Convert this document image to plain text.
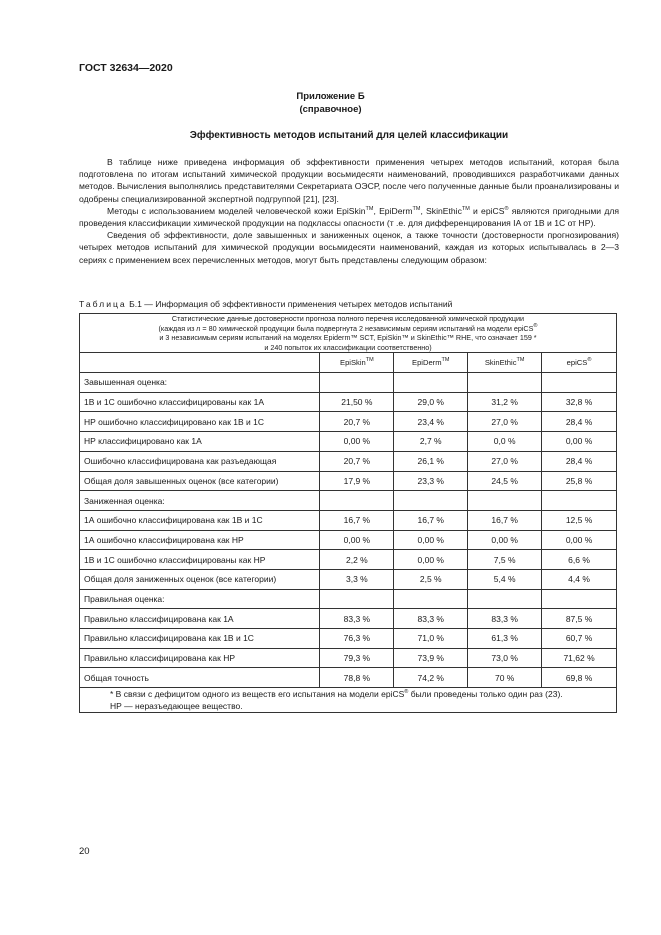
ГОСТ 32634—2020
Приложение Б
(справочное)
Эффективность методов испытаний для целей классификации

В таблице ниже приведена информация об эффективности применения четырех методов испытаний, которая была подготовлена по итогам испытаний химической продукции восьмидесяти наименований, проводившихся разработчиками данных методов. Вычисления выполнялись представителями Секретариата ОЭСР, после чего полученные данные были проанализированы и одобрены специализированной экспертной подгруппой [21], [23].

Методы с использованием моделей человеческой кожи EpiSkin™, EpiDerm™, SkinEthic™ и epiCS® являются пригодными для проведения классификации химической продукции на подклассы опасности (т .е. для дифференцирования IA от 1B и 1C от HP).

Сведения об эффективности, доле завышенных и заниженных оценок, а также точности (достоверности прогнозирования) четырех методов испытаний для химической продукции восьмидесяти наименований, каждая из которых испытывалась в 2—3 сериях с применением всех перечисленных методов, могут быть представлены следующим образом:

Таблица Б.1 — Информация об эффективности применения четырех методов испытаний
Статистические данные достоверности прогноза полного перечня исследованной химической продукции
(каждая из n = 80 химической продукции была подвергнута 2 независимым сериям испытаний на модели epiCS®
и 3 независимым сериям испытаний на моделях Epiderm™ SCT, EpiSkin™ и SkinEthic™ RHE, что означает 159 *
и 240 попыток их классификации соответственно)				

	EpiSkin™	EpiDerm™	SkinEthic™	epiCS®
Завышенная оценка:				
1В и 1С ошибочно классифицированы как 1А	21,50 %	29,0 %	31,2 %	32,8 %
НР ошибочно классифицировано как 1В и 1С	20,7 %	23,4 %	27,0 %	28,4 %
НР классифицировано как 1А	0,00 %	2,7 %	0,0 %	0,00 %
Ошибочно классифицирована как разъедающая	20,7 %	26,1 %	27,0 %	28,4 %
Общая доля завышенных оценок (все категории)	17,9 %	23,3 %	24,5 %	25,8 %
Заниженная оценка:				
1А ошибочно классифицирована как 1В и 1С	16,7 %	16,7 %	16,7 %	12,5 %
1А ошибочно классифицирована как НР	0,00 %	0,00 %	0,00 %	0,00 %
1В и 1С ошибочно классифицированы как НР	2,2 %	0,00 %	7,5 %	6,6 %
Общая доля заниженных оценок (все категории)	3,3 %	2,5 %	5,4 %	4,4 %
Правильная оценка:				
Правильно классифицирована как 1А	83,3 %	83,3 %	83,3 %	87,5 %
Правильно классифицирована как 1В и 1С	76,3 %	71,0 %	61,3 %	60,7 %
Правильно классифицирована как НР	79,3 %	73,9 %	73,0 %	71,62 %
Общая точность	78,8 %	74,2 %	70 %	69,8 %

* В связи с дефицитом одного из веществ его испытания на модели epiCS® были проведены только один раз (23).
НР — неразъедающее вещество.				
20
